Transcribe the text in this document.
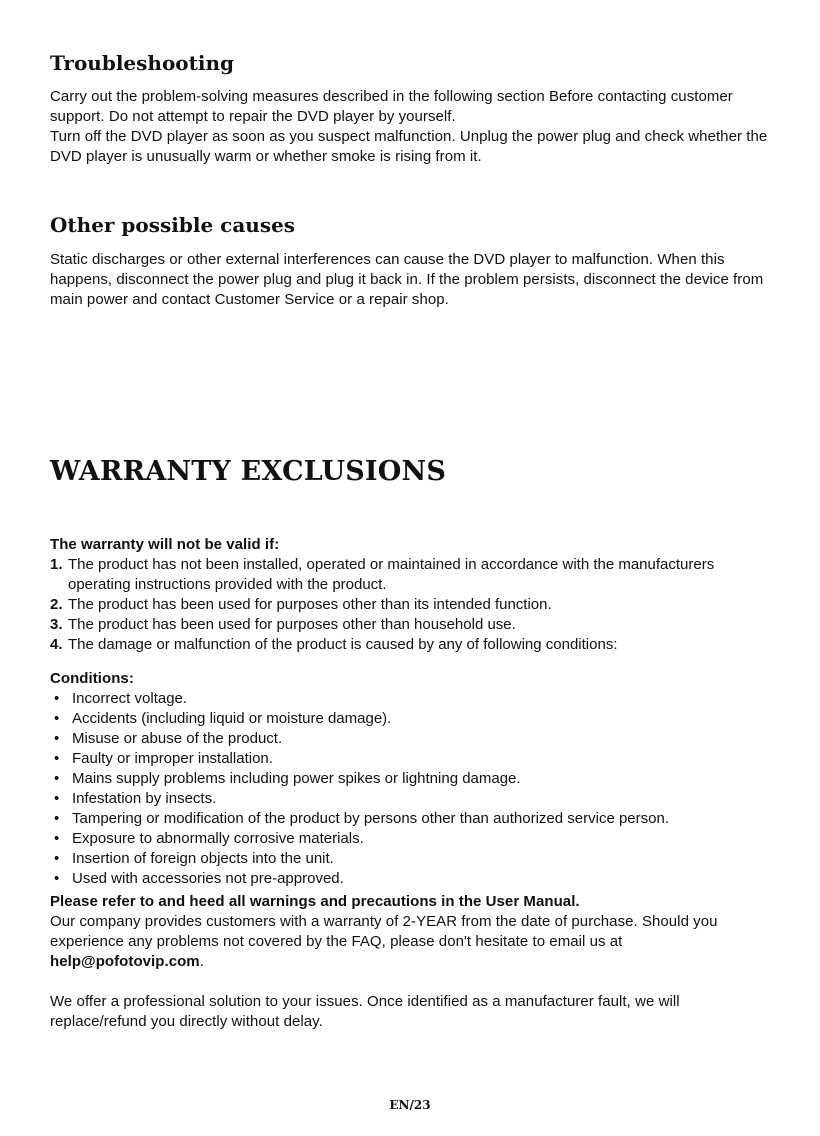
Troubleshooting

Carry out the problem-solving measures described in the following section Before contacting customer support. Do not attempt to repair the DVD player by yourself.

Turn off the DVD player as soon as you suspect malfunction. Unplug the power plug and check whether the DVD player is unusually warm or whether smoke is rising from it.

Other possible causes

Static discharges or other external interferences can cause the DVD player to malfunction. When this happens, disconnect the power plug and plug it back in. If the problem persists, disconnect the device from main power and contact Customer Service or a repair shop.

WARRANTY EXCLUSIONS

The warranty will not be valid if:

1. The product has not been installed, operated or maintained in accordance with the manufacturers operating instructions provided with the product.
2. The product has been used for purposes other than its intended function.
3. The product has been used for purposes other than household use.
4. The damage or malfunction of the product is caused by any of following conditions:

Conditions:

• Incorrect voltage.
• Accidents (including liquid or moisture damage).
• Misuse or abuse of the product.
• Faulty or improper installation.
• Mains supply problems including power spikes or lightning damage.
• Infestation by insects.
• Tampering or modification of the product by persons other than authorized service person.
• Exposure to abnormally corrosive materials.
• Insertion of foreign objects into the unit.
• Used with accessories not pre-approved.

Please refer to and heed all warnings and precautions in the User Manual.

Our company provides customers with a warranty of 2-YEAR from the date of purchase. Should you experience any problems not covered by the FAQ, please don't hesitate to email us at help@pofotovip.com.

We offer a professional solution to your issues. Once identified as a manufacturer fault, we will replace/refund you directly without delay.

EN/23
